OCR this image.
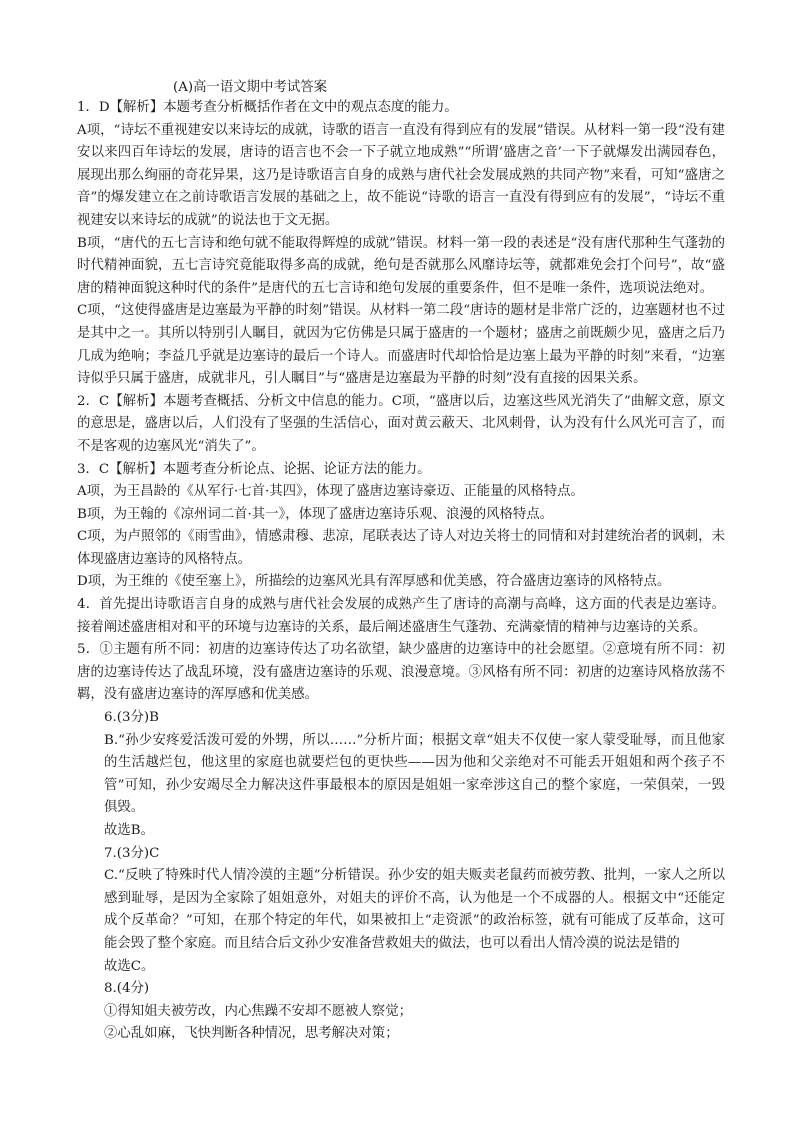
(A)高一语文期中考试答案

1．D【解析】本题考查分析概括作者在文中的观点态度的能力。

A项，“诗坛不重视建安以来诗坛的成就，诗歌的语言一直没有得到应有的发展”错误。从材料一第一段“没有建安以来四百年诗坛的发展，唐诗的语言也不会一下子就立地成熟”“所谓‘盛唐之音’一下子就爆发出满园春色，展现出那么绚丽的奇花异果，这乃是诗歌语言自身的成熟与唐代社会发展成熟的共同产物”来看，可知“盛唐之音”的爆发建立在之前诗歌语言发展的基础之上，故不能说“诗歌的语言一直没有得到应有的发展”，“诗坛不重视建安以来诗坛的成就”的说法也于文无据。

B项，“唐代的五七言诗和绝句就不能取得辉煌的成就”错误。材料一第一段的表述是“没有唐代那种生气蓬勃的时代精神面貌，五七言诗究竟能取得多高的成就，绝句是否就那么风靡诗坛等，就都难免会打个问号”，故“盛唐的精神面貌这种时代的条件”是唐代的五七言诗和绝句发展的重要条件，但不是唯一条件，选项说法绝对。

C项，“这使得盛唐是边塞最为平静的时刻”错误。从材料一第二段“唐诗的题材是非常广泛的，边塞题材也不过是其中之一。其所以特别引人瞩目，就因为它仿佛是只属于盛唐的一个题材；盛唐之前既颇少见，盛唐之后乃几成为绝响；李益几乎就是边塞诗的最后一个诗人。而盛唐时代却恰恰是边塞上最为平静的时刻”来看，“边塞诗似乎只属于盛唐，成就非凡，引人瞩目”与“盛唐是边塞最为平静的时刻”没有直接的因果关系。

2．C【解析】本题考查概括、分析文中信息的能力。C项，“盛唐以后，边塞这些风光消失了”曲解文意，原文的意思是，盛唐以后，人们没有了坚强的生活信心，面对黄云蔽天、北风刺骨，认为没有什么风光可言了，而不是客观的边塞风光“消失了”。

3．C【解析】本题考查分析论点、论据、论证方法的能力。

A项，为王昌龄的《从军行·七首·其四》，体现了盛唐边塞诗豪迈、正能量的风格特点。

B项，为王翰的《凉州词二首·其一》，体现了盛唐边塞诗乐观、浪漫的风格特点。

C项，为卢照邻的《雨雪曲》，情感肃穆、悲凉，尾联表达了诗人对边关将士的同情和对封建统治者的讽刺，未体现盛唐边塞诗的风格特点。

D项，为王维的《使至塞上》，所描绘的边塞风光具有浑厚感和优美感，符合盛唐边塞诗的风格特点。

4．首先提出诗歌语言自身的成熟与唐代社会发展的成熟产生了唐诗的高潮与高峰，这方面的代表是边塞诗。接着阐述盛唐相对和平的环境与边塞诗的关系，最后阐述盛唐生气蓬勃、充满豪情的精神与边塞诗的关系。

5．①主题有所不同：初唐的边塞诗传达了功名欲望，缺少盛唐的边塞诗中的社会愿望。②意境有所不同：初唐的边塞诗传达了战乱环境，没有盛唐边塞诗的乐观、浪漫意境。③风格有所不同：初唐的边塞诗风格放荡不羁，没有盛唐边塞诗的浑厚感和优美感。

6.(3分)B

B.“孙少安疼爱活泼可爱的外甥，所以……”分析片面；根据文章“姐夫不仅使一家人蒙受耻辱，而且他家的生活越烂包，他这里的家庭也就要烂包的更快些——因为他和父亲绝对不可能丢开姐姐和两个孩子不管”可知，孙少安竭尽全力解决这件事最根本的原因是姐姐一家牵涉这自己的整个家庭，一荣俱荣，一毁俱毁。

故选B。

7.(3分)C

C.“反映了特殊时代人情冷漠的主题”分析错误。孙少安的姐夫贩卖老鼠药而被劳教、批判，一家人之所以感到耻辱，是因为全家除了姐姐意外，对姐夫的评价不高，认为他是一个不成器的人。根据文中“还能定成个反革命？”可知，在那个特定的年代，如果被扣上“走资派”的政治标签，就有可能成了反革命，这可能会毁了整个家庭。而且结合后文孙少安准备营救姐夫的做法，也可以看出人情冷漠的说法是错的

故选C。

8.(4分)

①得知姐夫被劳改，内心焦躁不安却不愿被人察觉；

②心乱如麻，飞快判断各种情况，思考解决对策；
